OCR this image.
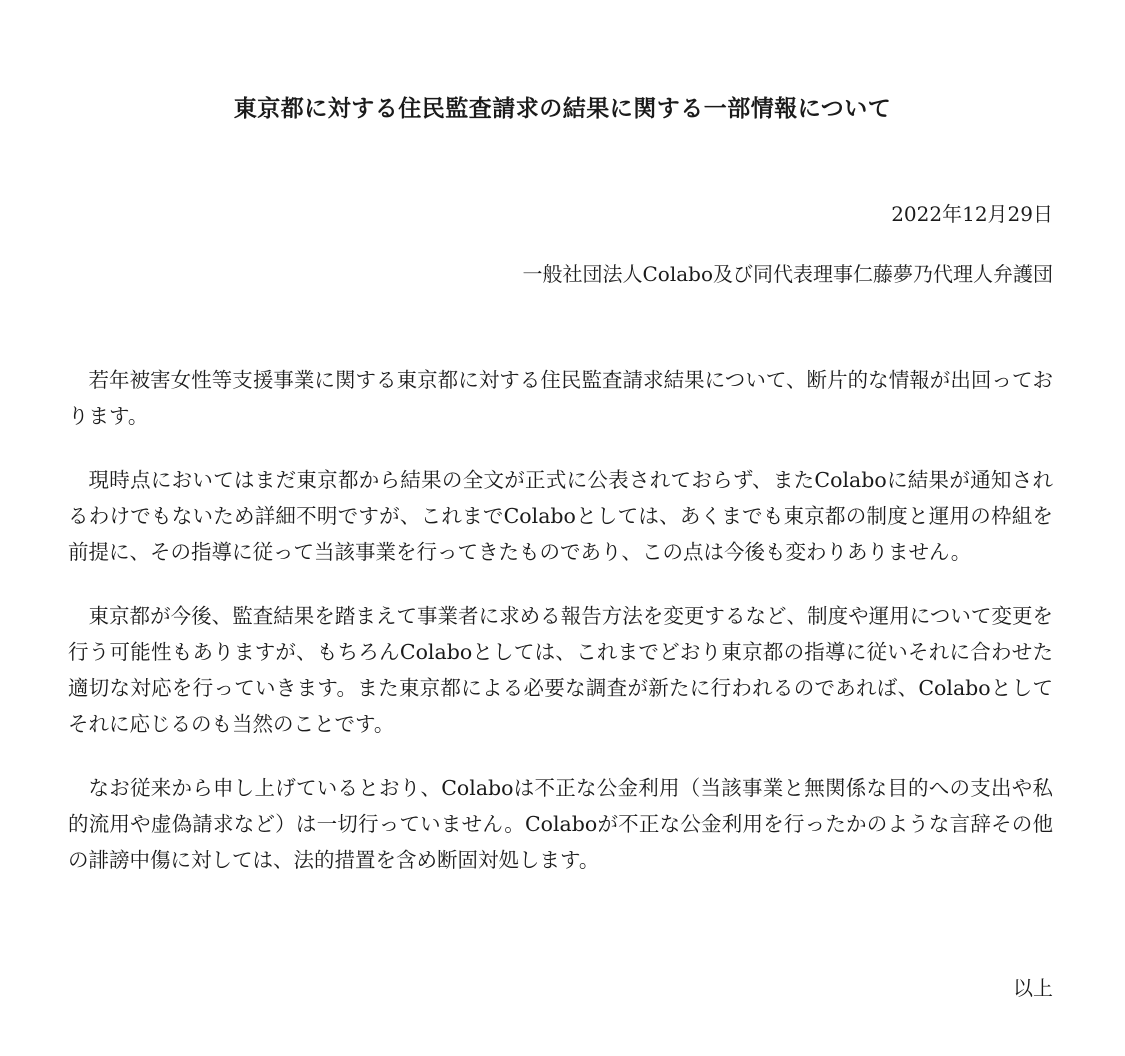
東京都に対する住民監査請求の結果に関する一部情報について

2022年12月29日

一般社団法人Colabo及び同代表理事仁藤夢乃代理人弁護団

若年被害女性等支援事業に関する東京都に対する住民監査請求結果について、断片的な情報が出回っております。

現時点においてはまだ東京都から結果の全文が正式に公表されておらず、またColaboに結果が通知されるわけでもないため詳細不明ですが、これまでColaboとしては、あくまでも東京都の制度と運用の枠組を前提に、その指導に従って当該事業を行ってきたものであり、この点は今後も変わりありません。

東京都が今後、監査結果を踏まえて事業者に求める報告方法を変更するなど、制度や運用について変更を行う可能性もありますが、もちろんColaboとしては、これまでどおり東京都の指導に従いそれに合わせた適切な対応を行っていきます。また東京都による必要な調査が新たに行われるのであれば、Colaboとしてそれに応じるのも当然のことです。

なお従来から申し上げているとおり、Colaboは不正な公金利用（当該事業と無関係な目的への支出や私的流用や虚偽請求など）は一切行っていません。Colaboが不正な公金利用を行ったかのような言辞その他の誹謗中傷に対しては、法的措置を含め断固対処します。

以上
